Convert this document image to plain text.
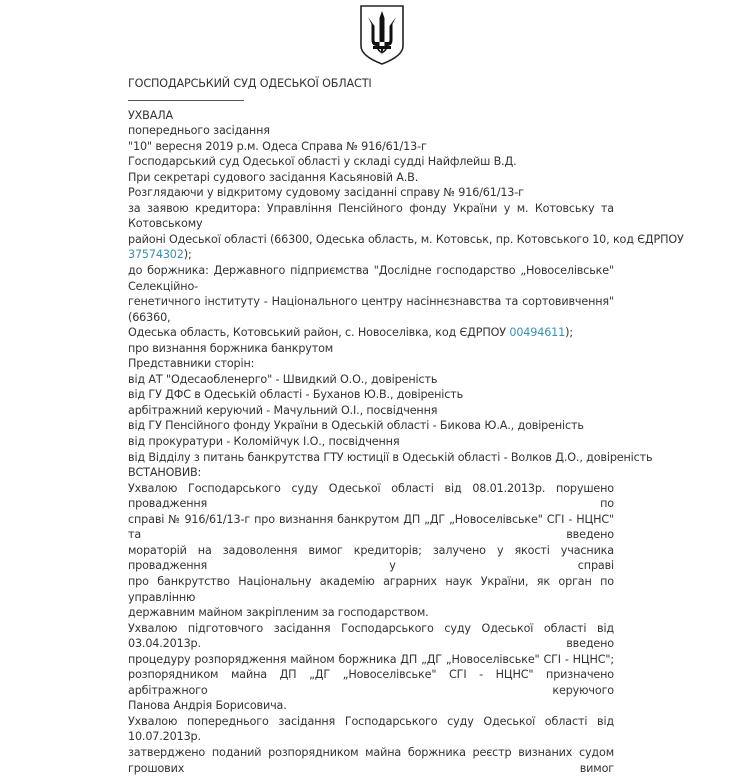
ГОСПОДАРСЬКИЙ СУД ОДЕСЬКОЇ ОБЛАСТІ
УХВАЛА
попереднього засідання
"10" вересня 2019 р.м. Одеса Справа № 916/61/13-г
Господарський суд Одеської області у складі судді Найфлейш В.Д.
При секретарі судового засідання Касьяновій А.В.
Розглядаючи у відкритому судовому засіданні справу № 916/61/13-г
за заявою кредитора: Управління Пенсійного фонду України у м. Котовську та Котовському
районі Одеської області (66300, Одеська область, м. Котовськ, пр. Котовського 10, код ЄДРПОУ
37574302);
до боржника: Державного підприємства "Дослідне господарство „Новоселівське" Селекційно-
генетичного інституту - Національного центру насіннєзнавства та сортовивчення" (66360,
Одеська область, Котовський район, с. Новоселівка, код ЄДРПОУ 00494611);
про визнання боржника банкрутом
Представники сторін:
від АТ "Одесаобленерго" - Швидкий О.О., довіреність
від ГУ ДФС в Одеській області - Буханов Ю.В., довіреність
арбітражний керуючий - Мачульний О.І., посвідчення
від ГУ Пенсійного фонду України в Одеській області - Бикова Ю.А., довіреність
від прокуратури - Коломійчук І.О., посвідчення
від Відділу з питань банкрутства ГТУ юстиції в Одеській області - Волков Д.О., довіреність
ВСТАНОВИВ:
Ухвалою Господарського суду Одеської області від 08.01.2013р. порушено провадження по
справі № 916/61/13-г про визнання банкрутом ДП „ДГ „Новоселівське" СГІ - НЦНС" та введено
мораторій на задоволення вимог кредиторів; залучено у якості учасника провадження у справі
про банкрутство Національну академію аграрних наук України, як орган по управлінню
державним майном закріпленим за господарством.
Ухвалою підготовчого засідання Господарського суду Одеської області від 03.04.2013р. введено
процедуру розпорядження майном боржника ДП „ДГ „Новоселівське" СГІ - НЦНС";
розпорядником майна ДП „ДГ „Новоселівське" СГІ - НЦНС" призначено арбітражного керуючого
Панова Андрія Борисовича.
Ухвалою попереднього засідання Господарського суду Одеської області від 10.07.2013р.
затверджено поданий розпорядником майна боржника реєстр визнаних судом грошових вимог
